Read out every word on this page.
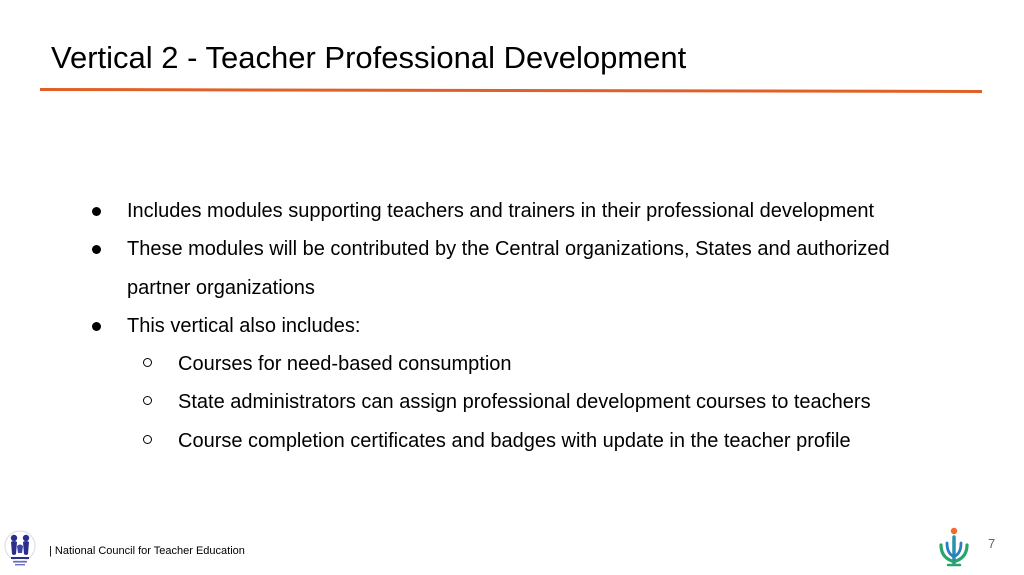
Vertical 2 - Teacher Professional Development
Includes modules supporting teachers and trainers in their professional development
These modules will be contributed by the Central organizations, States and authorized
partner organizations
This vertical also includes:
Courses for need-based consumption
State administrators can assign professional development courses to teachers
Course completion certificates and badges with update in the teacher profile
| National Council for Teacher Education	7
